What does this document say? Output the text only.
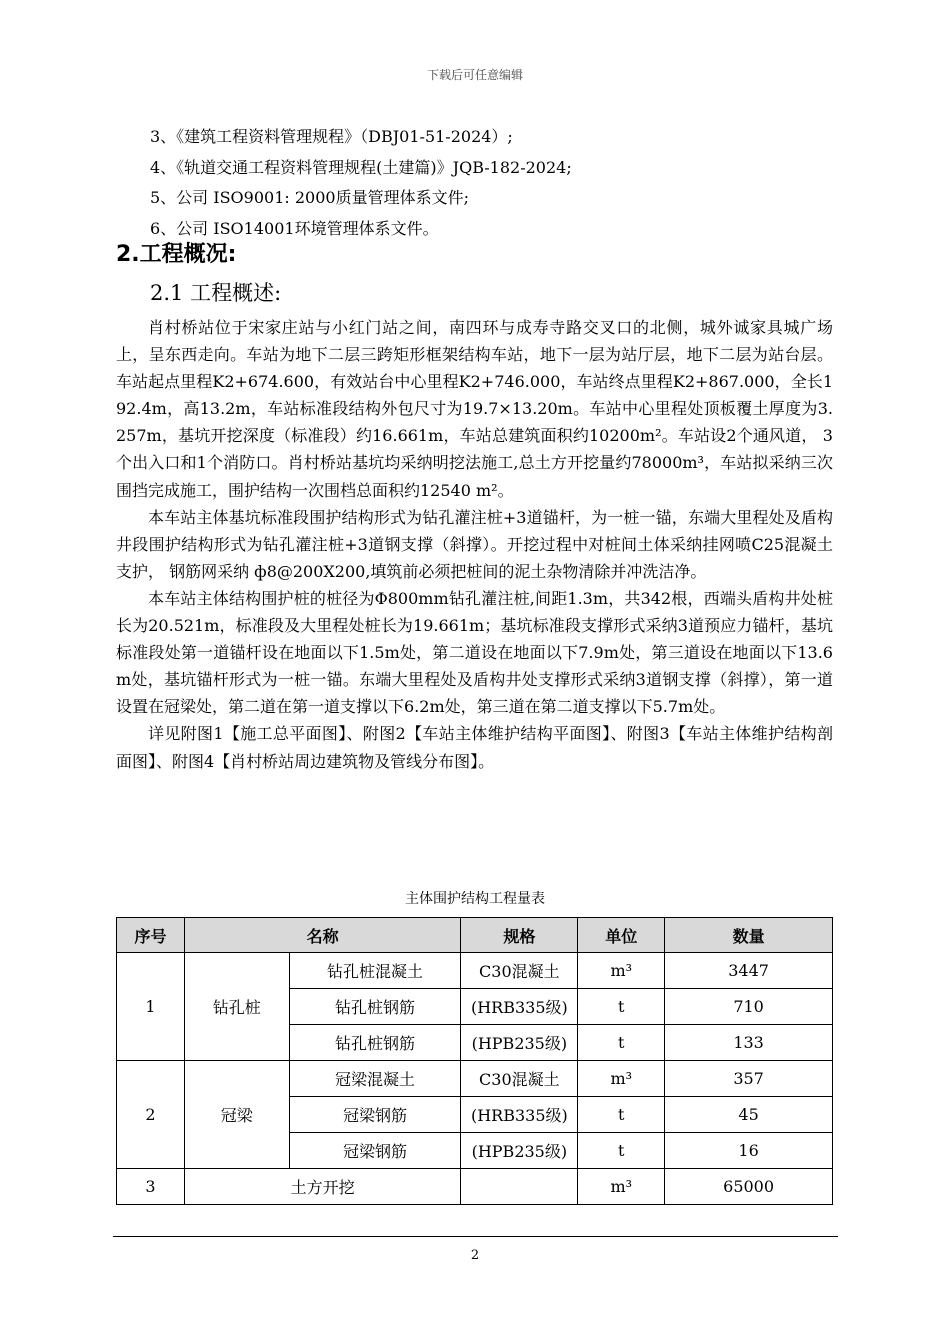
下载后可任意编辑
3、《建筑工程资料管理规程》（DBJ01-51-2024）;
4、《轨道交通工程资料管理规程(土建篇)》JQB-182-2024;
5、公司 ISO9001: 2000质量管理体系文件;
6、公司 ISO14001环境管理体系文件。
2.工程概况:
2.1 工程概述:

肖村桥站位于宋家庄站与小红门站之间，南四环与成寿寺路交叉口的北侧，城外诚家具城广场上，呈东西走向。车站为地下二层三跨矩形框架结构车站，地下一层为站厅层，地下二层为站台层。车站起点里程K2+674.600，有效站台中心里程K2+746.000，车站终点里程K2+867.000，全长192.4m，高13.2m，车站标准段结构外包尺寸为19.7×13.20m。车站中心里程处顶板覆土厚度为3.257m，基坑开挖深度（标准段）约16.661m，车站总建筑面积约10200m²。车站设2个通风道， 3个出入口和1个消防口。肖村桥站基坑均采纳明挖法施工,总土方开挖量约78000m³，车站拟采纳三次围挡完成施工，围护结构一次围档总面积约12540 m²。

本车站主体基坑标准段围护结构形式为钻孔灌注桩+3道锚杆，为一桩一锚，东端大里程处及盾构井段围护结构形式为钻孔灌注桩+3道钢支撑（斜撑）。开挖过程中对桩间土体采纳挂网喷C25混凝土支护， 钢筋网采纳 ф8@200X200,填筑前必须把桩间的泥土杂物清除并冲洗洁净。

本车站主体结构围护桩的桩径为Φ800mm钻孔灌注桩,间距1.3m，共342根，西端头盾构井处桩长为20.521m，标准段及大里程处桩长为19.661m；基坑标准段支撑形式采纳3道预应力锚杆，基坑标准段处第一道锚杆设在地面以下1.5m处，第二道设在地面以下7.9m处，第三道设在地面以下13.6m处，基坑锚杆形式为一桩一锚。东端大里程处及盾构井处支撑形式采纳3道钢支撑（斜撑），第一道设置在冠梁处，第二道在第一道支撑以下6.2m处，第三道在第二道支撑以下5.7m处。

详见附图1【施工总平面图】、附图2【车站主体维护结构平面图】、附图3【车站主体维护结构剖面图】、附图4【肖村桥站周边建筑物及管线分布图】。

主体围护结构工程量表
序号	名称		规格	单位	数量
1	钻孔桩	钻孔桩混凝土	C30混凝土	m³	3447
		钻孔桩钢筋	(HRB335级)	t	710
		钻孔桩钢筋	(HPB235级)	t	133
2	冠梁	冠梁混凝土	C30混凝土	m³	357
		冠梁钢筋	(HRB335级)	t	45
		冠梁钢筋	(HPB235级)	t	16
3	土方开挖			m³	65000
2
